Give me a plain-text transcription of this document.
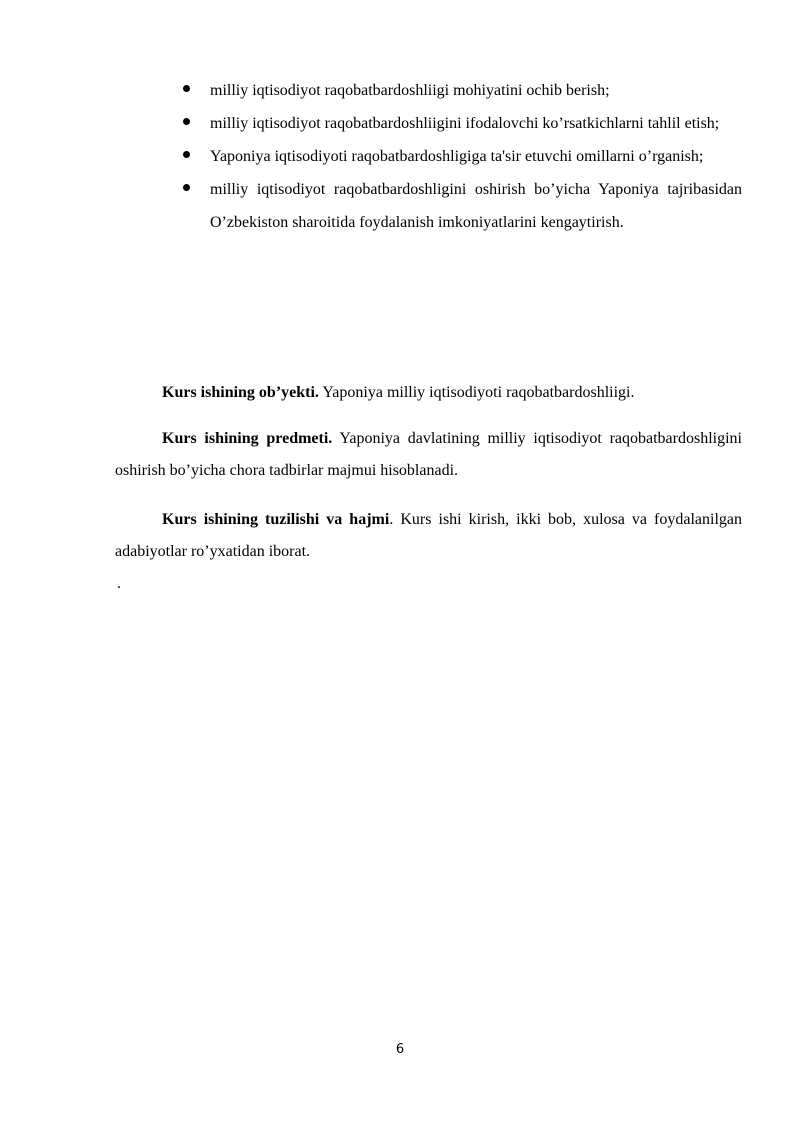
milliy iqtisodiyot raqobatbardoshliigi mohiyatini ochib berish;
milliy iqtisodiyot raqobatbardoshliigini ifodalovchi ko’rsatkichlarni tahlil etish;
Yaponiya iqtisodiyoti raqobatbardoshligiga ta'sir etuvchi omillarni o’rganish;
milliy iqtisodiyot raqobatbardoshligini oshirish bo’yicha Yaponiya tajribasidan O’zbekiston sharoitida foydalanish imkoniyatlarini kengaytirish.

Kurs ishining ob’yekti. Yaponiya milliy iqtisodiyoti raqobatbardoshliigi.

Kurs ishining predmeti. Yaponiya davlatining milliy iqtisodiyot raqobatbardoshligini oshirish bo’yicha chora tadbirlar majmui hisoblanadi.

Kurs ishining tuzilishi va hajmi. Kurs ishi kirish, ikki bob, xulosa va foydalanilgan adabiyotlar ro’yxatidan iborat.

.
6
